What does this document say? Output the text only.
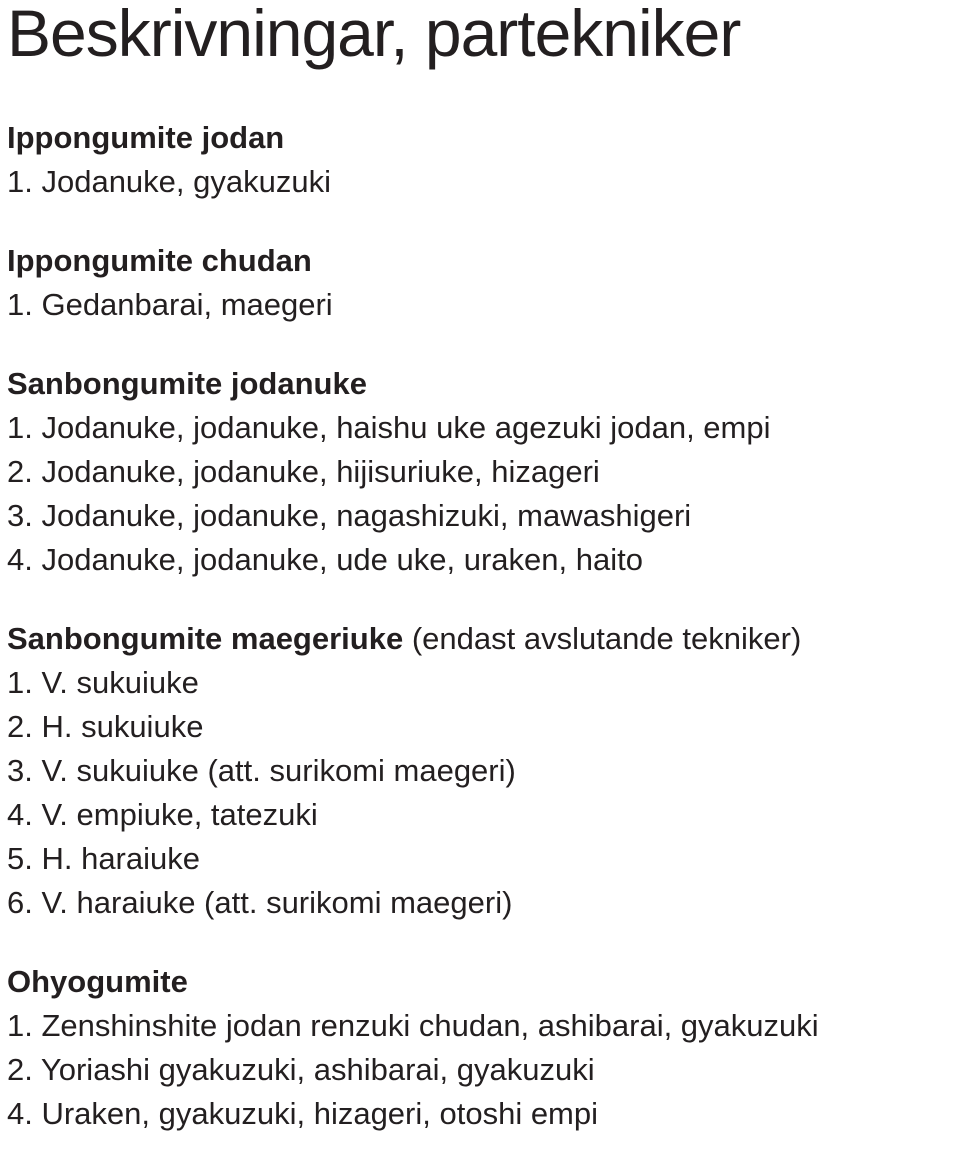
Beskrivningar, partekniker
Ippongumite jodan
1. Jodanuke, gyakuzuki
Ippongumite chudan
1. Gedanbarai, maegeri
Sanbongumite jodanuke
1. Jodanuke, jodanuke, haishu uke agezuki jodan, empi
2. Jodanuke, jodanuke, hijisuriuke, hizageri
3. Jodanuke, jodanuke, nagashizuki, mawashigeri
4. Jodanuke, jodanuke, ude uke, uraken, haito
Sanbongumite maegeriuke (endast avslutande tekniker)
1. V. sukuiuke
2. H. sukuiuke
3. V. sukuiuke (att. surikomi maegeri)
4. V. empiuke, tatezuki
5. H. haraiuke
6. V. haraiuke (att. surikomi maegeri)
Ohyogumite
1. Zenshinshite jodan renzuki chudan, ashibarai, gyakuzuki
2. Yoriashi gyakuzuki, ashibarai, gyakuzuki
4. Uraken, gyakuzuki, hizageri, otoshi empi
